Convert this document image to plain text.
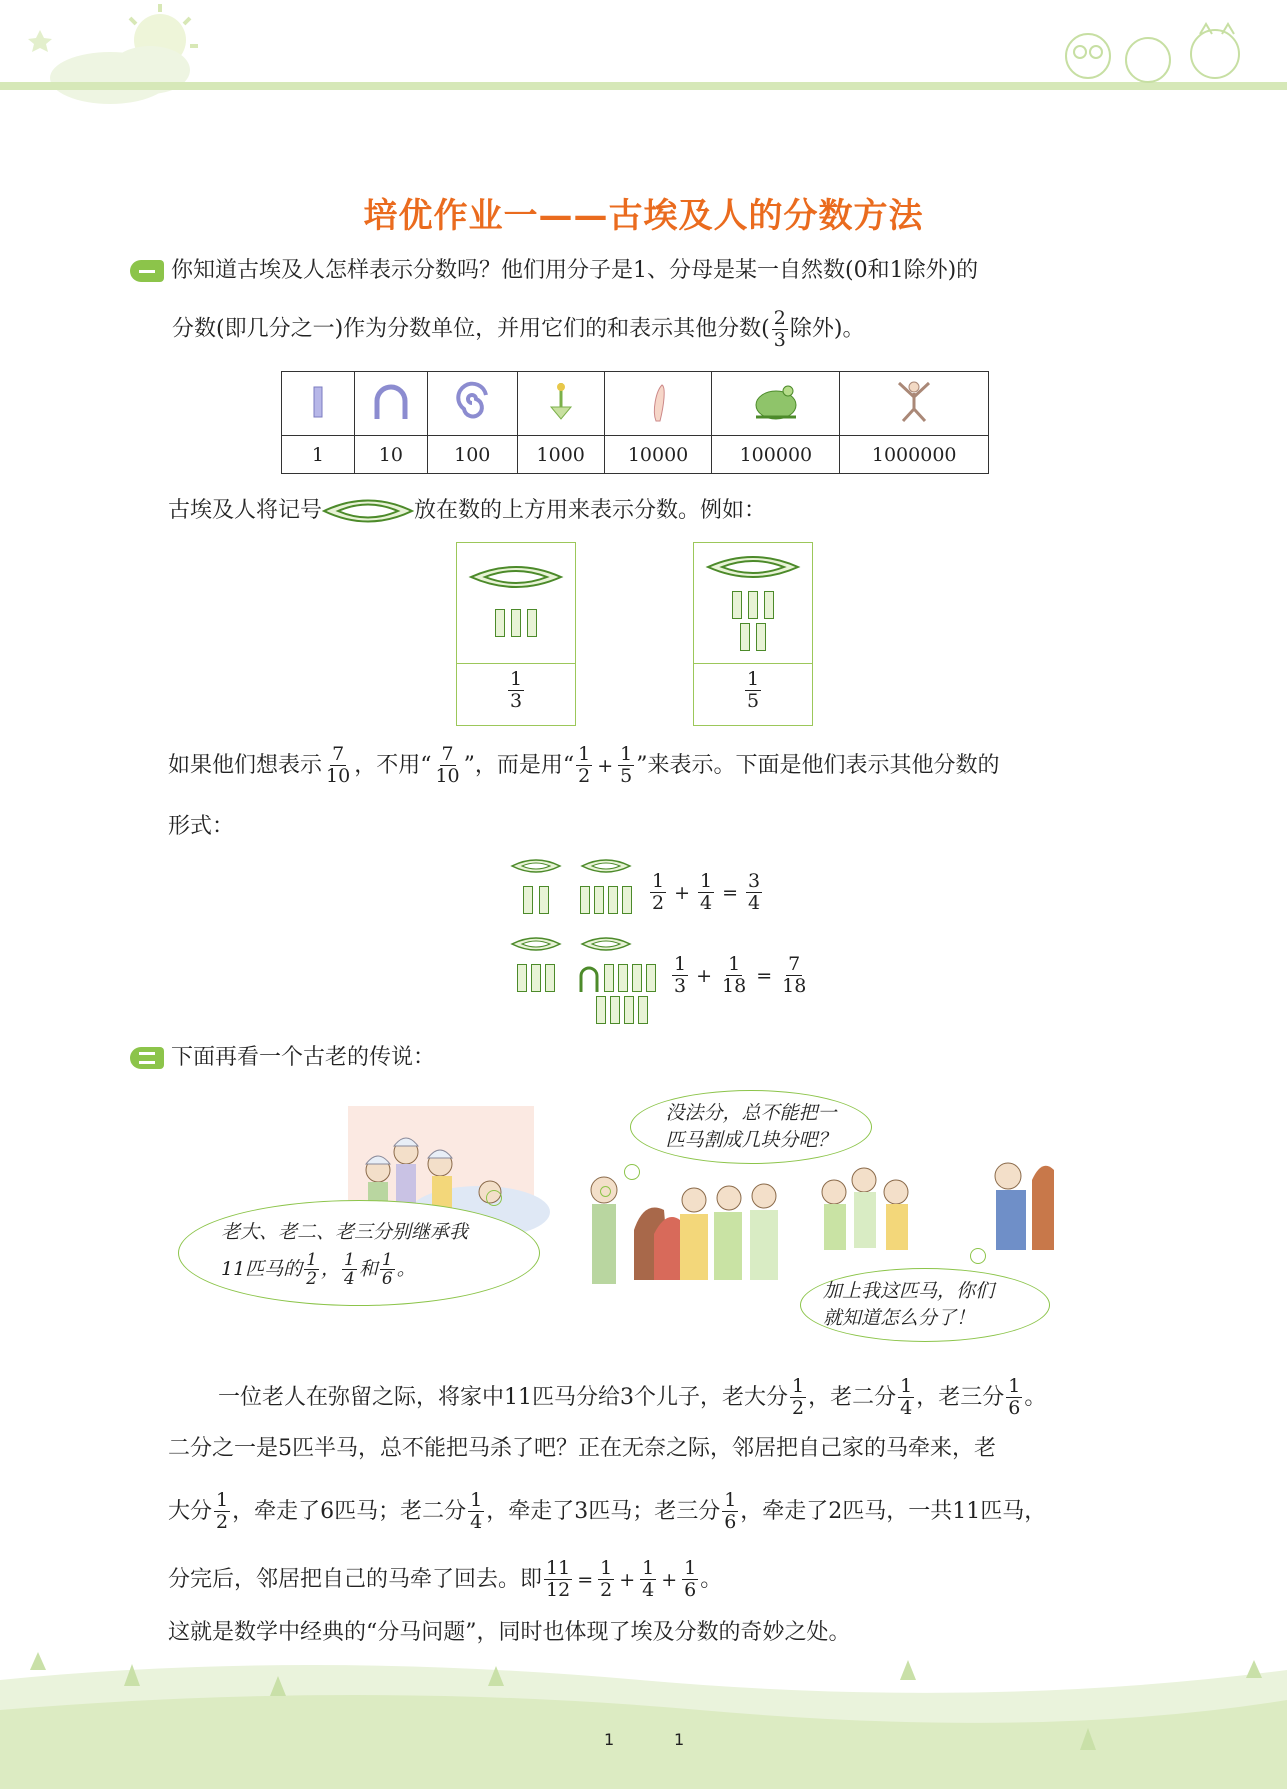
培优作业一——古埃及人的分数方法
你知道古埃及人怎样表示分数吗？他们用分子是1、分母是某一自然数(0和1除外)的
分数(即几分之一)作为分数单位，并用它们的和表示其他分数( $\frac{2}{3}$ 除外)。

1	10	100	1000	10000	100000	1000000
古埃及人将记号	放在数的上方用来表示分数。例如：
$\frac{1}{3}$	$\frac{1}{5}$
如果他们想表示 $\frac{7}{10}$ ，不用“ $\frac{7}{10}$ ”，而是用“ $\frac{1}{2} + \frac{1}{5}$ ”来表示。下面是他们表示其他分数的
形式：
$\frac{1}{2} + \frac{1}{4} = \frac{3}{4}$
$\frac{1}{3} + \frac{1}{18} = \frac{7}{18}$
下面再看一个古老的传说：
没法分，总不能把一
匹马割成几块分吧？
老大、老二、老三分别继承我
11匹马的 $\frac{1}{2}$ ， $\frac{1}{4}$ 和 $\frac{1}{6}$ 。
加上我这匹马，你们
就知道怎么分了！
一位老人在弥留之际，将家中11匹马分给3个儿子，老大分 $\frac{1}{2}$ ，老二分 $\frac{1}{4}$ ，老三分 $\frac{1}{6}$ 。
二分之一是5匹半马，总不能把马杀了吧？正在无奈之际，邻居把自己家的马牵来，老
大分 $\frac{1}{2}$ ，牵走了6匹马；老二分 $\frac{1}{4}$ ，牵走了3匹马；老三分 $\frac{1}{6}$ ，牵走了2匹马，一共11匹马，
分完后，邻居把自己的马牵了回去。即 $\frac{11}{12} = \frac{1}{2} + \frac{1}{4} + \frac{1}{6}$ 。
这就是数学中经典的“分马问题”，同时也体现了埃及分数的奇妙之处。
1	1
